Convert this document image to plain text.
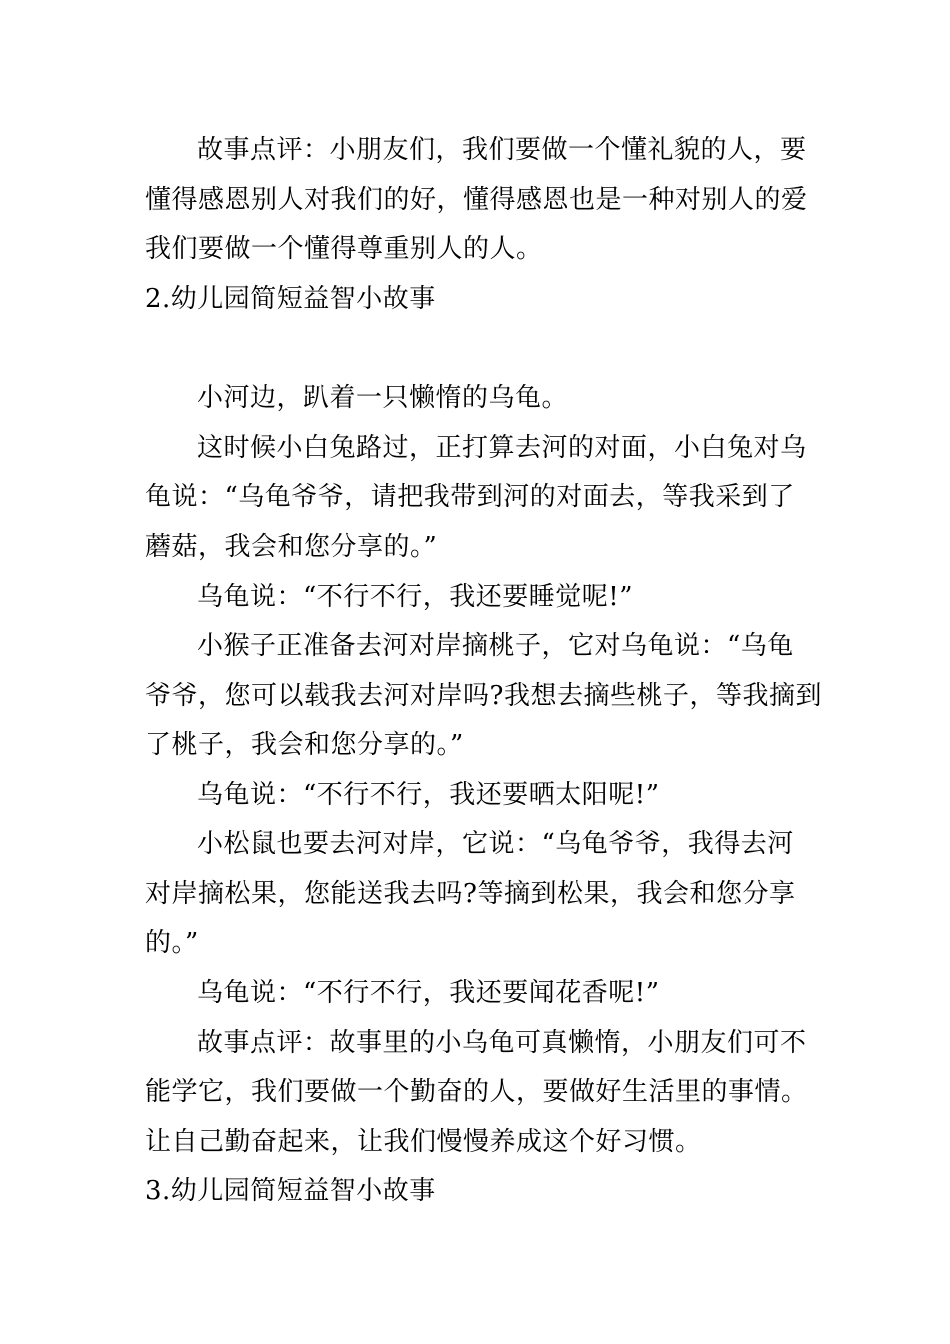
故事点评：小朋友们，我们要做一个懂礼貌的人，要
懂得感恩别人对我们的好，懂得感恩也是一种对别人的爱
我们要做一个懂得尊重别人的人。
2.幼儿园简短益智小故事
小河边，趴着一只懒惰的乌龟。
这时候小白兔路过，正打算去河的对面，小白兔对乌
龟说：“乌龟爷爷，请把我带到河的对面去，等我采到了
蘑菇，我会和您分享的。”
乌龟说：“不行不行，我还要睡觉呢!”
小猴子正准备去河对岸摘桃子，它对乌龟说：“乌龟
爷爷，您可以载我去河对岸吗?我想去摘些桃子，等我摘到
了桃子，我会和您分享的。”
乌龟说：“不行不行，我还要晒太阳呢!”
小松鼠也要去河对岸，它说：“乌龟爷爷，我得去河
对岸摘松果，您能送我去吗?等摘到松果，我会和您分享
的。”
乌龟说：“不行不行，我还要闻花香呢!”
故事点评：故事里的小乌龟可真懒惰，小朋友们可不
能学它，我们要做一个勤奋的人，要做好生活里的事情。
让自己勤奋起来，让我们慢慢养成这个好习惯。
3.幼儿园简短益智小故事
